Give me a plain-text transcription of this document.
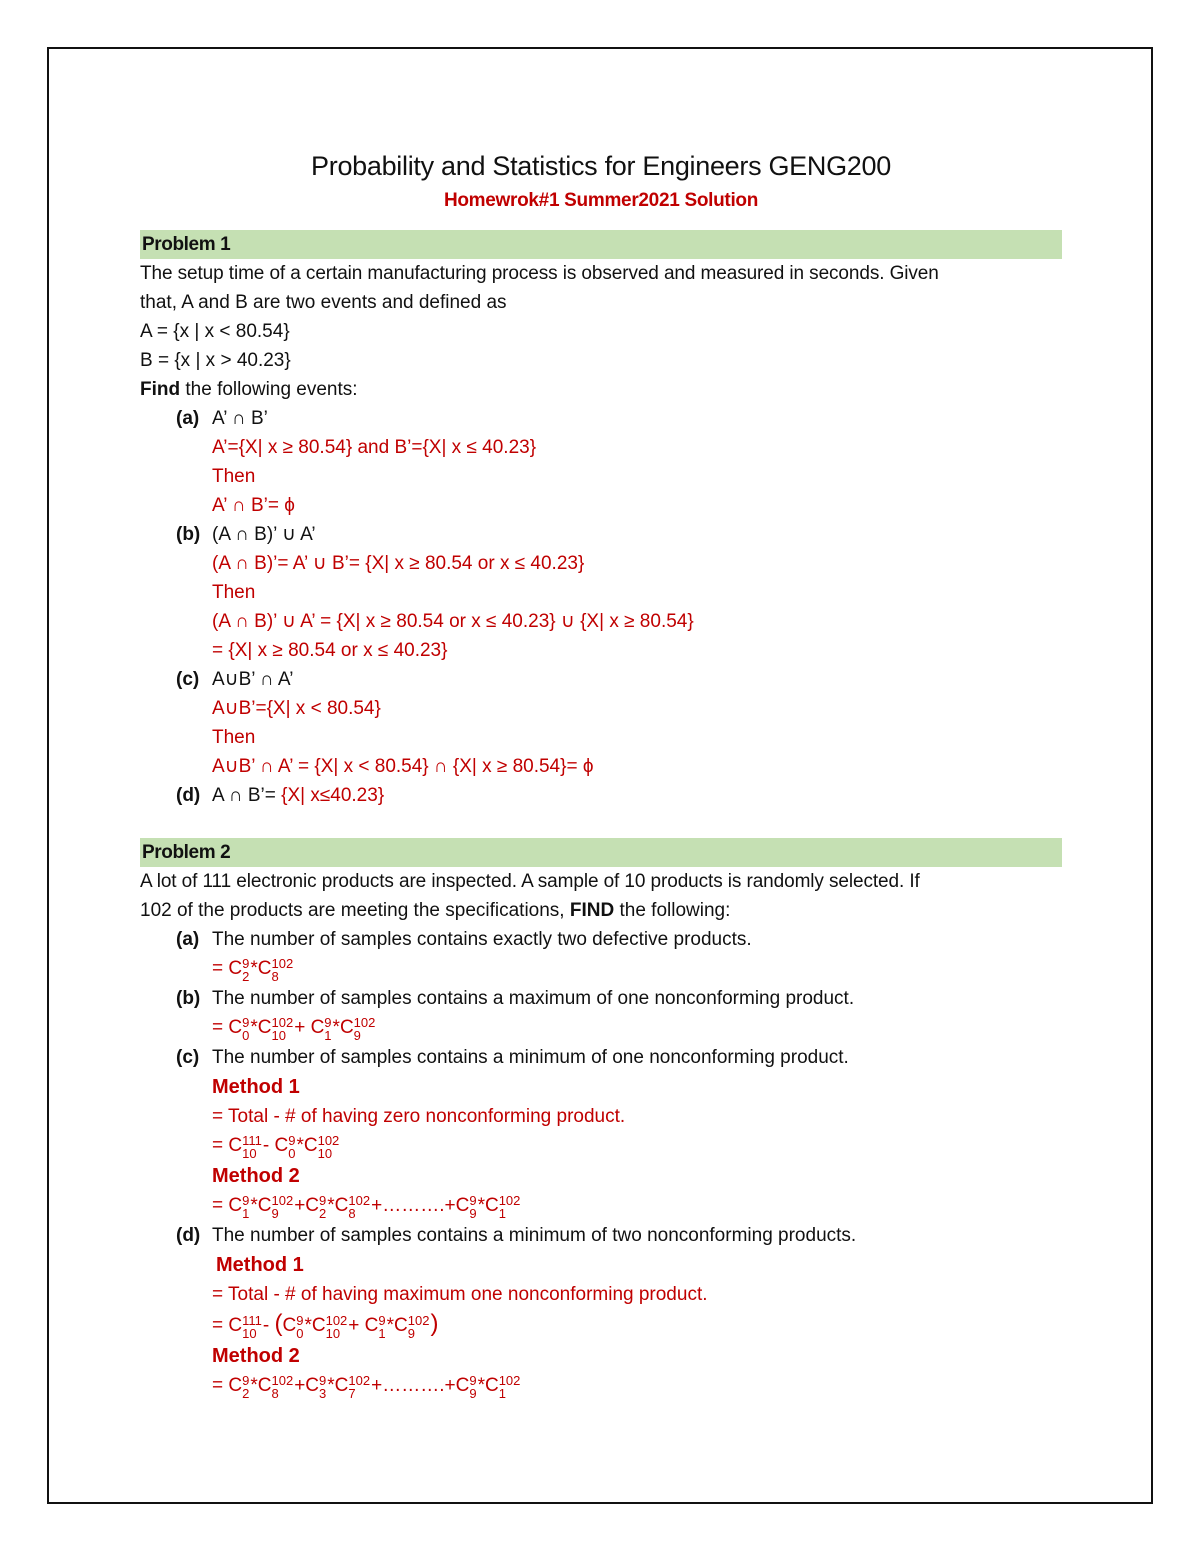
Probability and Statistics for Engineers GENG200
Homewrok#1 Summer2021 Solution
Problem 1
The setup time of a certain manufacturing process is observed and measured in seconds. Given
that, A and B are two events and defined as
A = {x | x < 80.54}
B = {x | x > 40.23}
Find the following events:
(a) A’ ∩ B’
A’={X| x ≥ 80.54} and B’={X| x ≤ 40.23}
Then
A’ ∩ B’= ϕ
(b) (A ∩ B)’ ∪ A’
(A ∩ B)’= A’ ∪ B’= {X| x ≥ 80.54 or x ≤ 40.23}
Then
(A ∩ B)’ ∪ A’ = {X| x ≥ 80.54 or x ≤ 40.23} ∪ {X| x ≥ 80.54}
= {X| x ≥ 80.54 or x ≤ 40.23}
(c) A∪B’ ∩ A’
A∪B’={X| x < 80.54}
Then
A∪B’ ∩ A’ = {X| x < 80.54} ∩ {X| x ≥ 80.54}= ϕ
(d) A ∩ B’= {X| x≤40.23}
Problem 2
A lot of 111 electronic products are inspected. A sample of 10 products is randomly selected. If
102 of the products are meeting the specifications, FIND the following:
(a) The number of samples contains exactly two defective products.
= C 9
2 *C 102
8
(b) The number of samples contains a maximum of one nonconforming product.
= C 9
0 *C 102
10 + C 9
1 *C 102
9
(c) The number of samples contains a minimum of one nonconforming product.
Method 1
= Total - # of having zero nonconforming product.
= C 111
10 - C 9
0 *C 102
10
Method 2
= C 9
1 *C 102
9 +C 9
2 *C 102
8 +……….+C 9
9 *C 102
1
(d) The number of samples contains a minimum of two nonconforming products.
Method 1
= Total - # of having maximum one nonconforming product.
= C 111
10 - (C 9
0 *C 102
10 + C 9
1 *C 102
9 )
Method 2
= C 9
2 *C 102
8 +C 9
3 *C 102
7 +……….+C 9
9 *C 102
1
